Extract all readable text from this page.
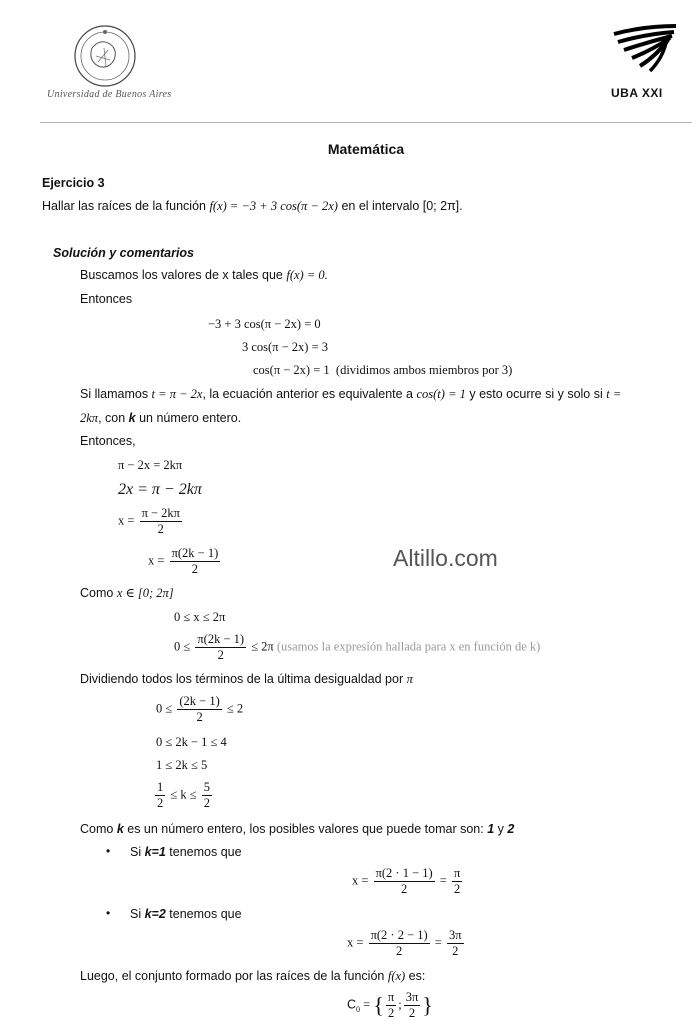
Universidad de Buenos Aires	UBA XXI
Matemática
Ejercicio 3
Hallar las raíces de la función f(x) = −3 + 3 cos(π − 2x) en el intervalo [0; 2π].
Solución y comentarios
Buscamos los valores de x tales que f(x) = 0.
Entonces
−3 + 3 cos(π − 2x) = 0
3 cos(π − 2x) = 3
cos(π − 2x) = 1 (dividimos ambos miembros por 3)
Si llamamos t = π − 2x, la ecuación anterior es equivalente a cos(t) = 1 y esto ocurre si y solo si t =
2kπ, con k un número entero.
Entonces,
π − 2x = 2kπ
2x = π − 2kπ
$x = \frac{\pi - 2k\pi}{2}$
$x = \frac{\pi(2k - 1)}{2}$	Altillo.com
Como x ∈ [0; 2π]
0 ≤ x ≤ 2π
$0 \le \frac{\pi(2k - 1)}{2} \le 2\pi$ (usamos la expresión hallada para x en función de k)
Dividiendo todos los términos de la última desigualdad por π
$0 \le \frac{(2k - 1)}{2} \le 2$
0 ≤ 2k − 1 ≤ 4
1 ≤ 2k ≤ 5
$\frac{1}{2} \le k \le \frac{5}{2}$
Como k es un número entero, los posibles valores que puede tomar son: 1 y 2
• Si k=1 tenemos que
$x = \frac{\pi(2 \cdot 1 - 1)}{2} = \frac{\pi}{2}$
• Si k=2 tenemos que
$x = \frac{\pi(2 \cdot 2 - 1)}{2} = \frac{3\pi}{2}$
Luego, el conjunto formado por las raíces de la función f(x) es:
$C_0$ = { $\frac{\pi}{2}$ ; $\frac{3\pi}{2}$ }
